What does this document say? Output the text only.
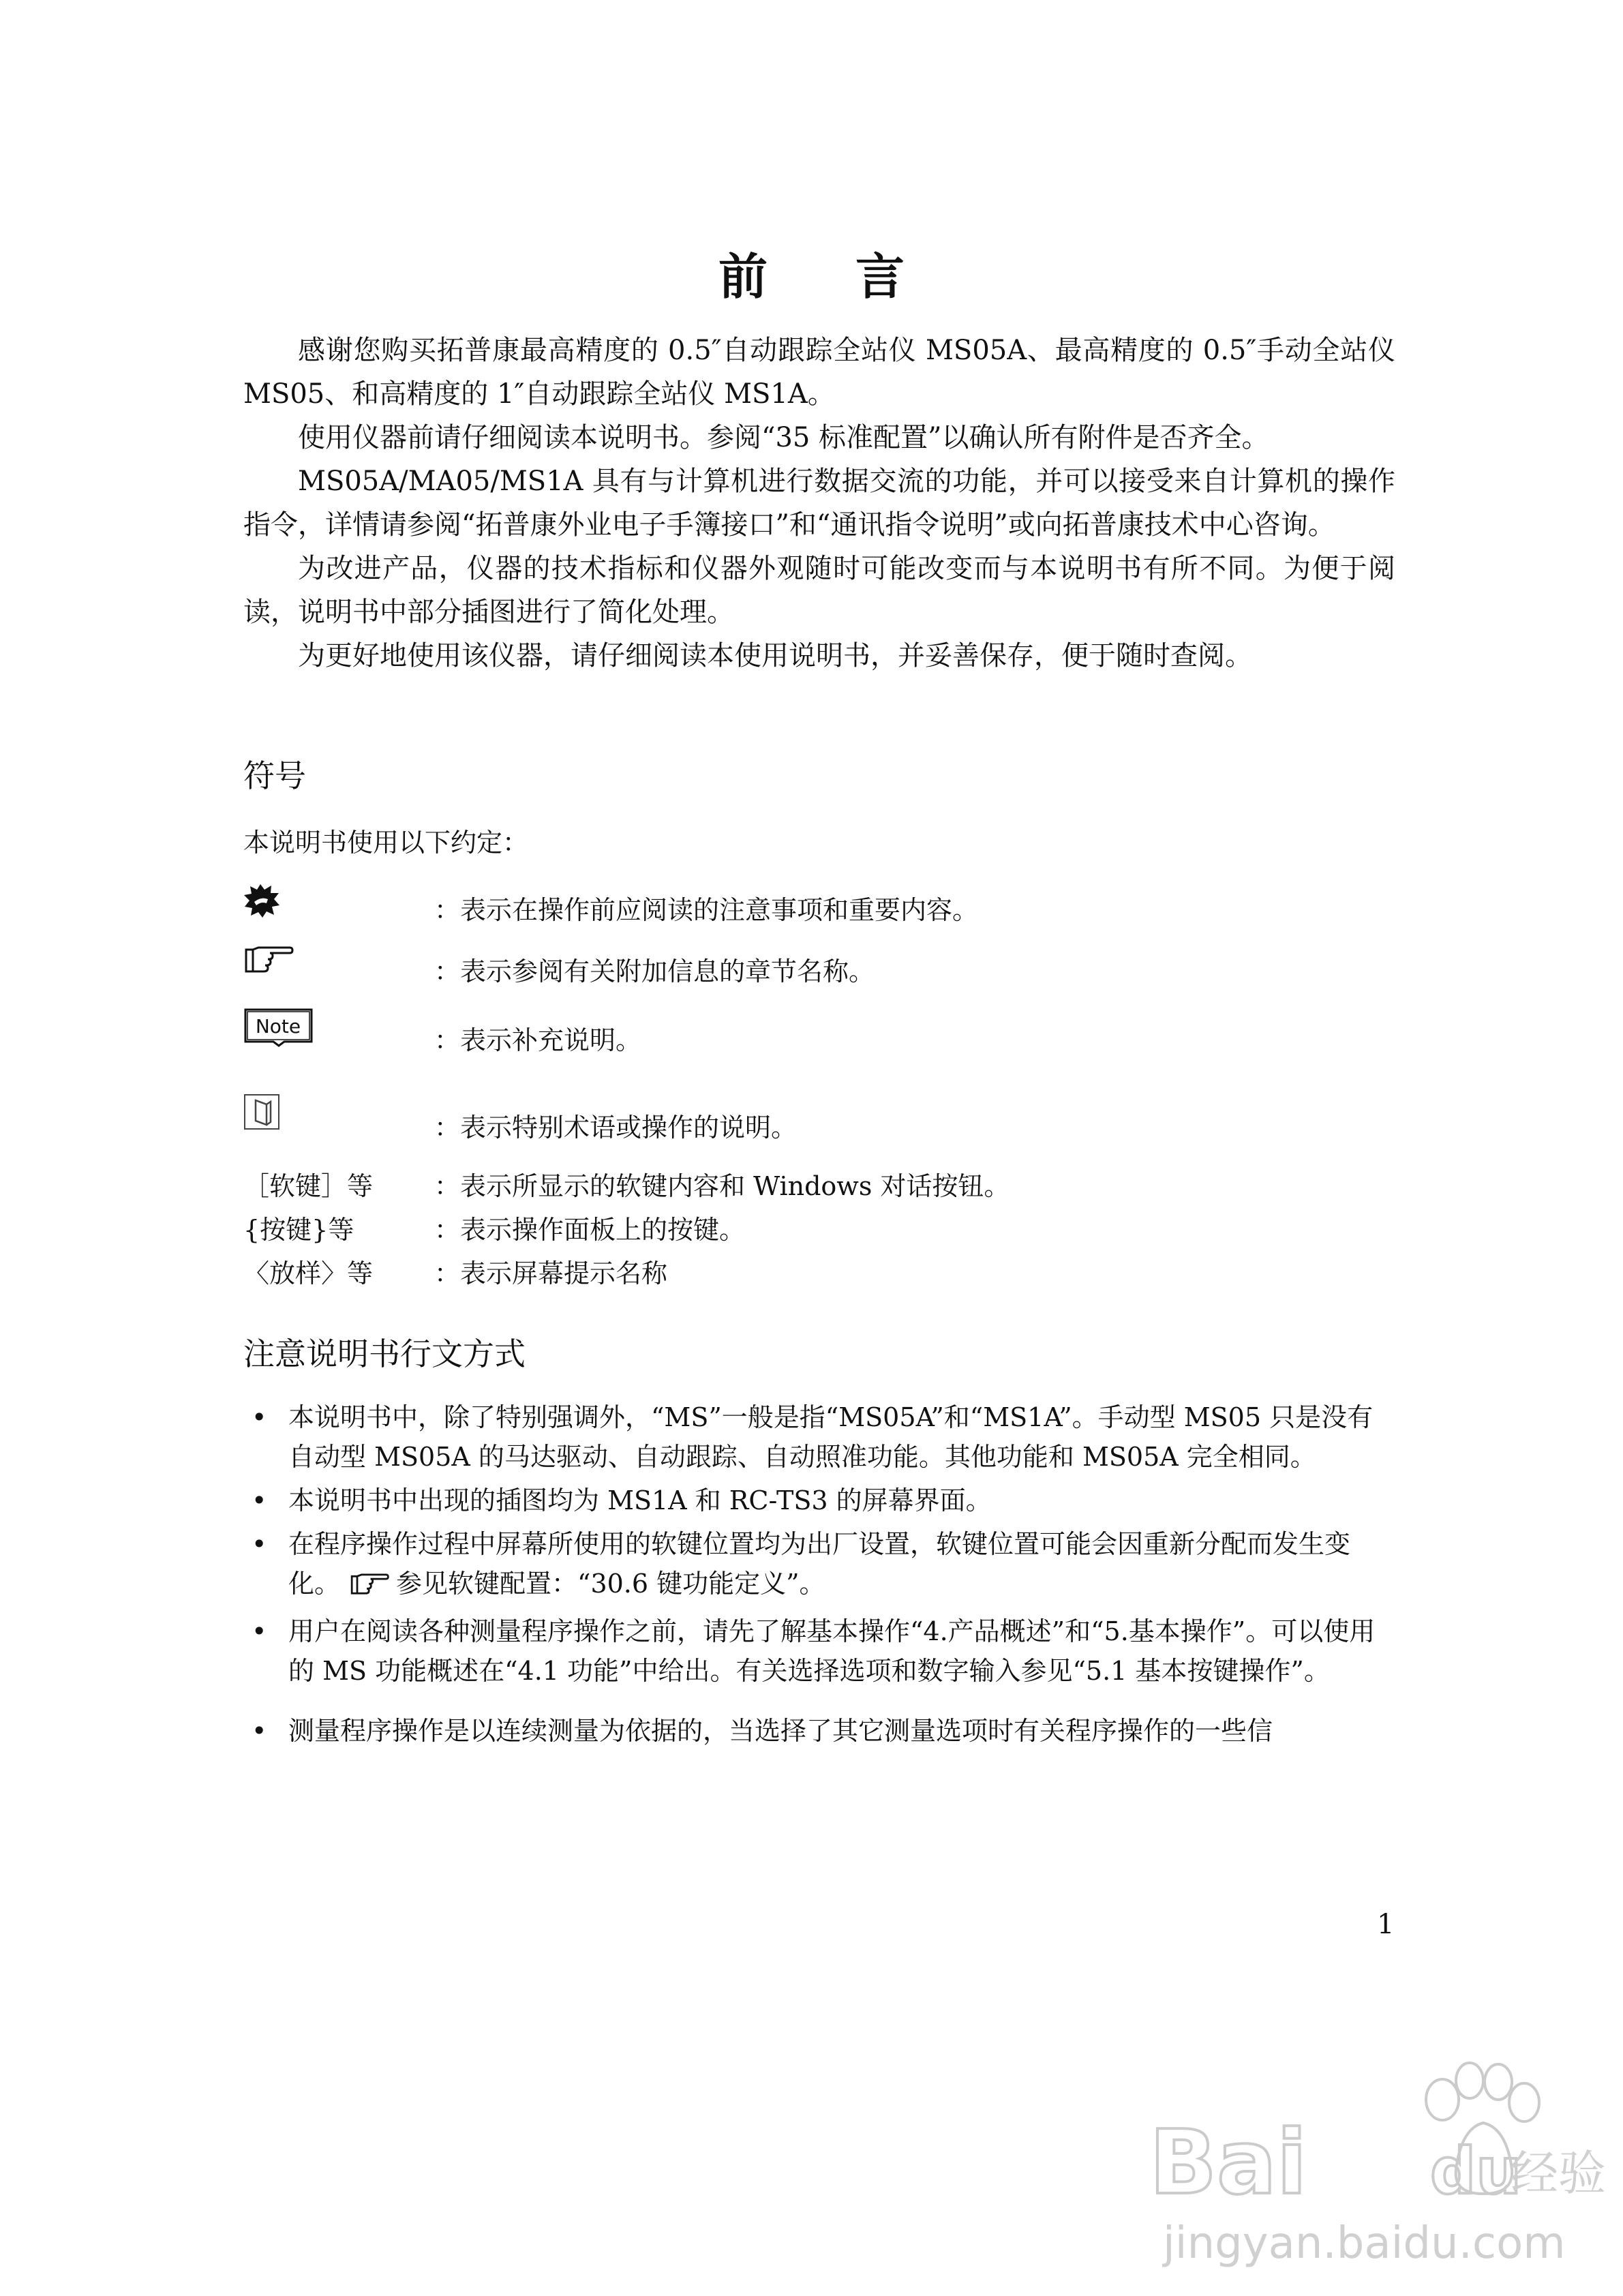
前 言

感谢您购买拓普康最高精度的 0.5″自动跟踪全站仪 MS05A、最高精度的 0.5″手动全站仪 MS05、和高精度的 1″自动跟踪全站仪 MS1A。

使用仪器前请仔细阅读本说明书。参阅“35 标准配置”以确认所有附件是否齐全。

MS05A/MA05/MS1A 具有与计算机进行数据交流的功能，并可以接受来自计算机的操作指令，详情请参阅“拓普康外业电子手簿接口”和“通讯指令说明”或向拓普康技术中心咨询。

为改进产品，仪器的技术指标和仪器外观随时可能改变而与本说明书有所不同。为便于阅读，说明书中部分插图进行了简化处理。

为更好地使用该仪器，请仔细阅读本使用说明书，并妥善保存，便于随时查阅。

符号

本说明书使用以下约定：

：表示在操作前应阅读的注意事项和重要内容。
：表示参阅有关附加信息的章节名称。
Note	：表示补充说明。
：表示特别术语或操作的说明。
［软键］等 ：表示所显示的软键内容和 Windows 对话按钮。
{按键}等	：表示操作面板上的按键。
〈放样〉等 ：表示屏幕提示名称
注意说明书行文方式
• 本说明书中，除了特别强调外，“MS”一般是指“MS05A”和“MS1A”。手动型 MS05 只是没有自动型 MS05A 的马达驱动、自动跟踪、自动照准功能。其他功能和 MS05A 完全相同。
• 本说明书中出现的插图均为 MS1A 和 RC-TS3 的屏幕界面。
• 在程序操作过程中屏幕所使用的软键位置均为出厂设置，软键位置可能会因重新分配而发生变化。 参见软键配置：“30.6 键功能定义”。
• 用户在阅读各种测量程序操作之前，请先了解基本操作“4.产品概述”和“5.基本操作”。可以使用的 MS 功能概述在“4.1 功能”中给出。有关选择选项和数字输入参见“5.1 基本按键操作”。
• 测量程序操作是以连续测量为依据的，当选择了其它测量选项时有关程序操作的一些信
1
Bai du
经验
jingyan.baidu.com
